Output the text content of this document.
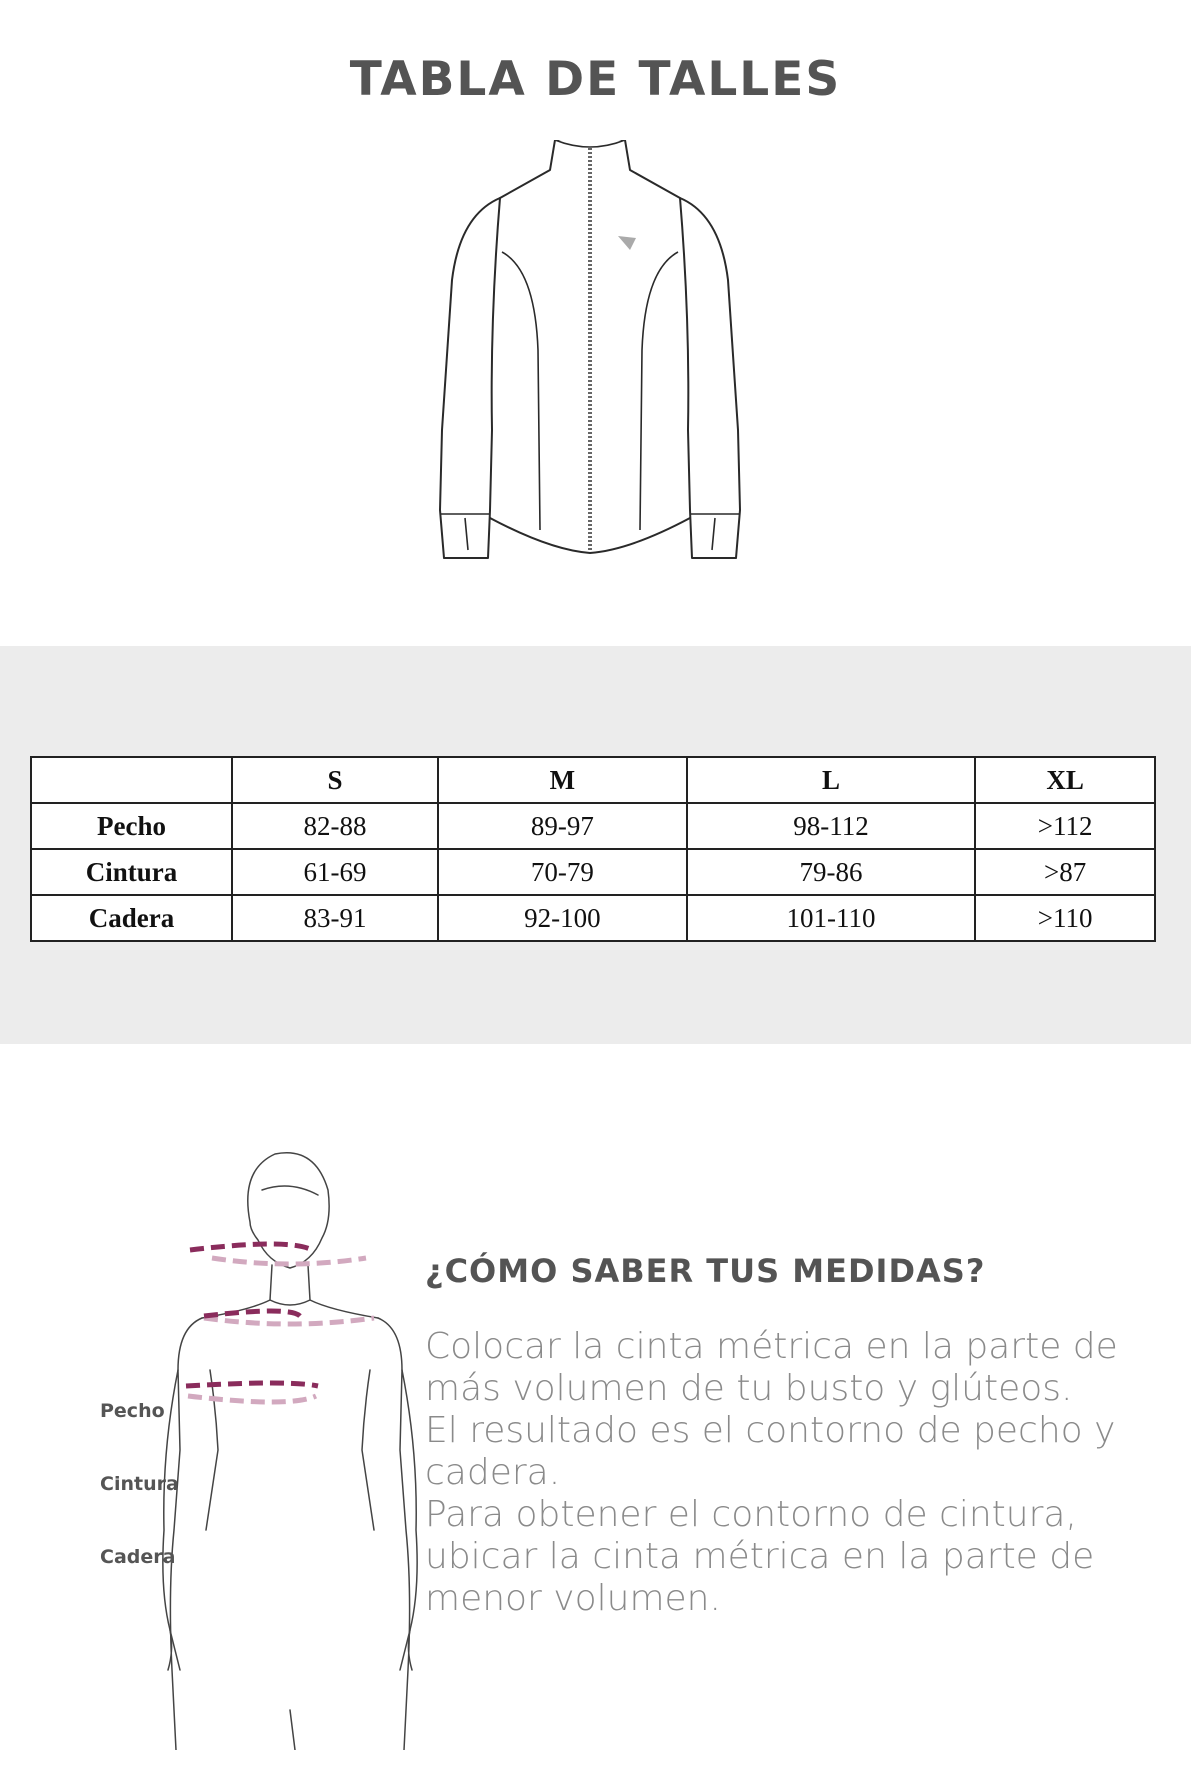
TABLA DE TALLES
	S	M	L	XL
Pecho	82-88	89-97	98-112	>112
Cintura	61-69	70-79	79-86	>87
Cadera	83-91	92-100	101-110	>110
Pecho
Cintura
Cadera
¿CÓMO SABER TUS MEDIDAS?

Colocar la cinta métrica en la parte de

más volumen de tu busto y glúteos.

El resultado es el contorno de pecho y

cadera.

Para obtener el contorno de cintura,

ubicar la cinta métrica en la parte de

menor volumen.
